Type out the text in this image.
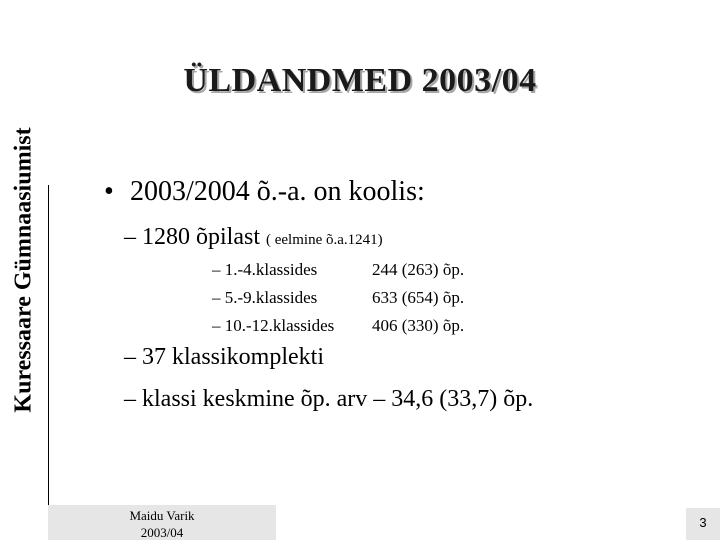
Kuressaare Gümnaasiumist
ÜLDANDMED 2003/04
• 2003/2004 õ.-a. on koolis:
– 1280 õpilast ( eelmine õ.a.1241)
– 1.-4.klassides	244 (263) õp.
– 5.-9.klassides	633 (654) õp.
– 10.-12.klassides 406 (330) õp.
– 37 klassikomplekti
– klassi keskmine õp. arv – 34,6 (33,7) õp.
Maidu Varik
2003/04
3
